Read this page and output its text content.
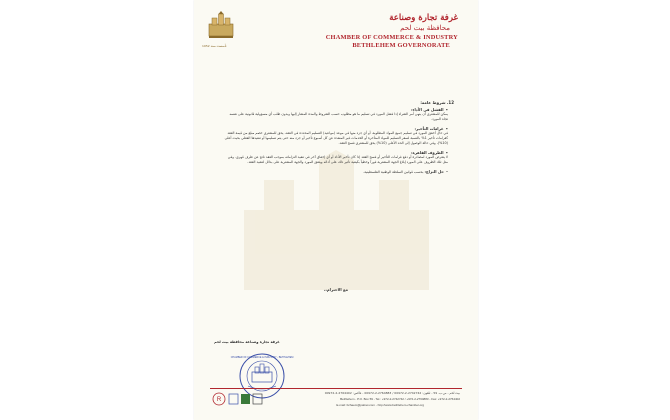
تأسست سنة 1952
غرفة تجارة وصناعة
محافظة بيت لحم
CHAMBER OF COMMERCE & INDUSTRY
BETHLEHEM GOVERNORATE
12. شروط عامة:
•الفشل في الأداء:
يمكن للمشتري أن ينهي أمر الشراء إذا فشل المورد في تسليم ما هو مطلوب حسب الشروط والمدة المشار إليها وبدون طلب أي مسؤولية قانونية على نفسه تجاه المورد.
•غرامات التأخير:
في حال أخفق المورد في تسليم جميع المواد المطلوبة، أو أي جزء منها في موعد (مواعيد) التسليم المحددة في العقد، يحق للمشتري خصم مبلغ من قيمة العقد كغرامات تأخير 1% بالنسبة لسعر التسليم للمواد المتأخرة أو الخدمات غير المنفذة عن كل أسبوع تأخير أو جزء منه حتى يتم تسليمها أو تنفيذها الفعلي بحيث أعلى (10%)، وفي حالة الوصول إلى الحد الأعلى (10%) يحق للمشتري فسخ العقد.
•الظروف القاهرة:
لا يتعرض المورد لمصادرة أو دفع غرامات التأخير أو فسخ العقد إذا كان تأخير الأداء أو أي إخفاق آخر في تنفيذ التزاماته بموجب العقد ناتج عن ظرف قهري. وفي مثل تلك الظروف على المورد إبلاغ الجهة المشترية فوراً وخطياً بكيفية تأثير ذلك على أدائه ويتفق المورد والجهة المشترية على بدائل لتنفيذ العقد.
•حل النزاع: بحسب قوانين السلطة الوطنية الفلسطينية.
مع الاحترام،،
غرفة تجارة وصناعة محافظة بيت لحم
CHAMBER OF COMMERCE & INDUSTRY - BETHLEHEM
R
بيت لحم - ص.ب. 59 - تلفون: 2742742-2-00972 / 2764883-2-00972 - فاكس: 2764402-2-00972
Bethlehem - P.O. Box 59 - Tel.: +972-2-2742742 / +972-2-2764883 - Fax: +972-2-2764402
E-mail: bchaem@palnet.com - http://www.bethlehem-chamber.org
